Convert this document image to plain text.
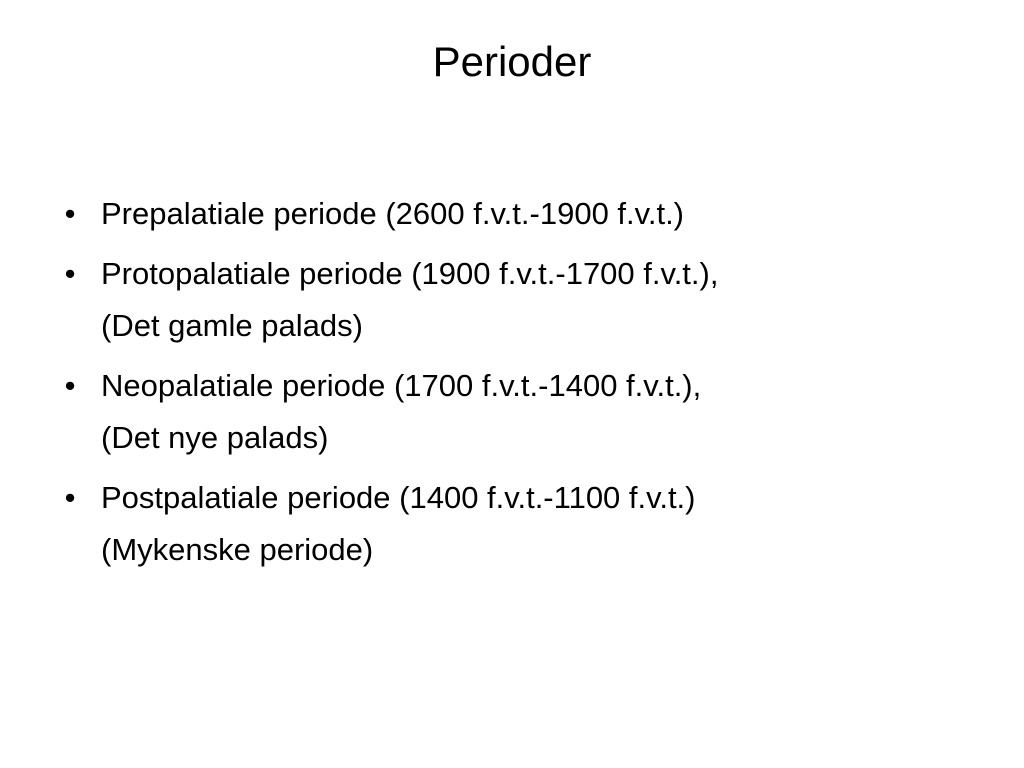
Perioder
• Prepalatiale periode (2600 f.v.t.-1900 f.v.t.)
• Protopalatiale periode (1900 f.v.t.-1700 f.v.t.),
(Det gamle palads)
• Neopalatiale periode (1700 f.v.t.-1400 f.v.t.),
(Det nye palads)
• Postpalatiale periode (1400 f.v.t.-1100 f.v.t.)
(Mykenske periode)
